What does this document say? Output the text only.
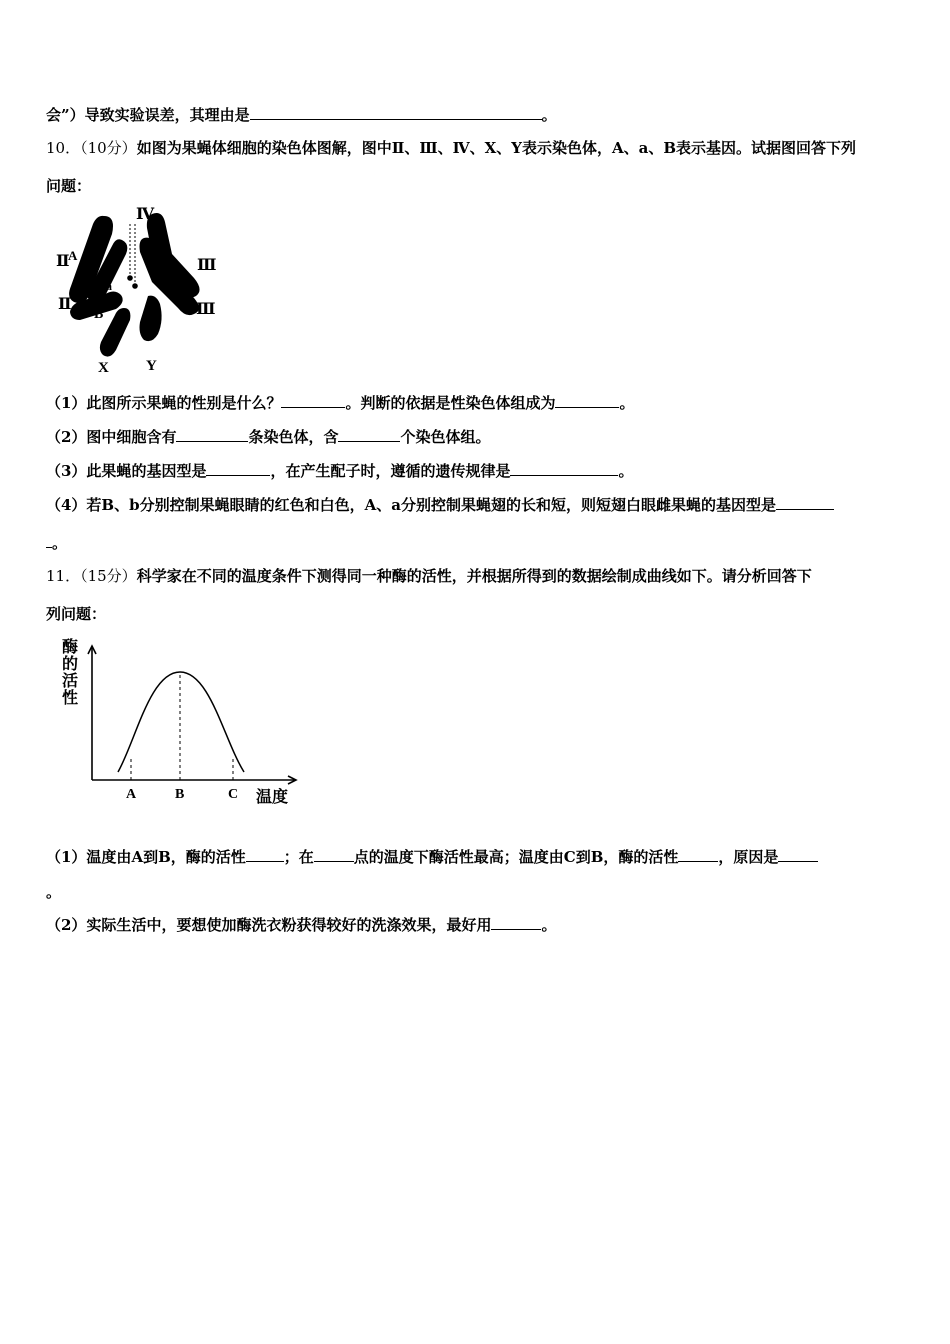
会”）导致实验误差，其理由是	。
10．（10分）如图为果蝇体细胞的染色体图解，图中Ⅱ、Ⅲ、Ⅳ、X、Y表示染色体，A、a、B表示基因。试据图回答下列
问题：
Ⅳ
Ⅱ
A
a
Ⅱ
B
Ⅲ
Ⅲ
X Y
（1）此图所示果蝇的性别是什么？	。判断的依据是性染色体组成为	。
（2）图中细胞含有	条染色体，含	个染色体组。
（3）此果蝇的基因型是	，在产生配子时，遵循的遗传规律是	。
（4）若B、b分别控制果蝇眼睛的红色和白色，A、a分别控制果蝇翅的长和短，则短翅白眼雌果蝇的基因型是
。
11．（15分）科学家在不同的温度条件下测得同一种酶的活性，并根据所得到的数据绘制成曲线如下。请分析回答下
列问题：
酶
的
活
性
温度
A	B	C
（1）温度由A到B，酶的活性	；在	点的温度下酶活性最高；温度由C到B，酶的活性	，原因是
。
（2）实际生活中，要想使加酶洗衣粉获得较好的洗涤效果，最好用	。
